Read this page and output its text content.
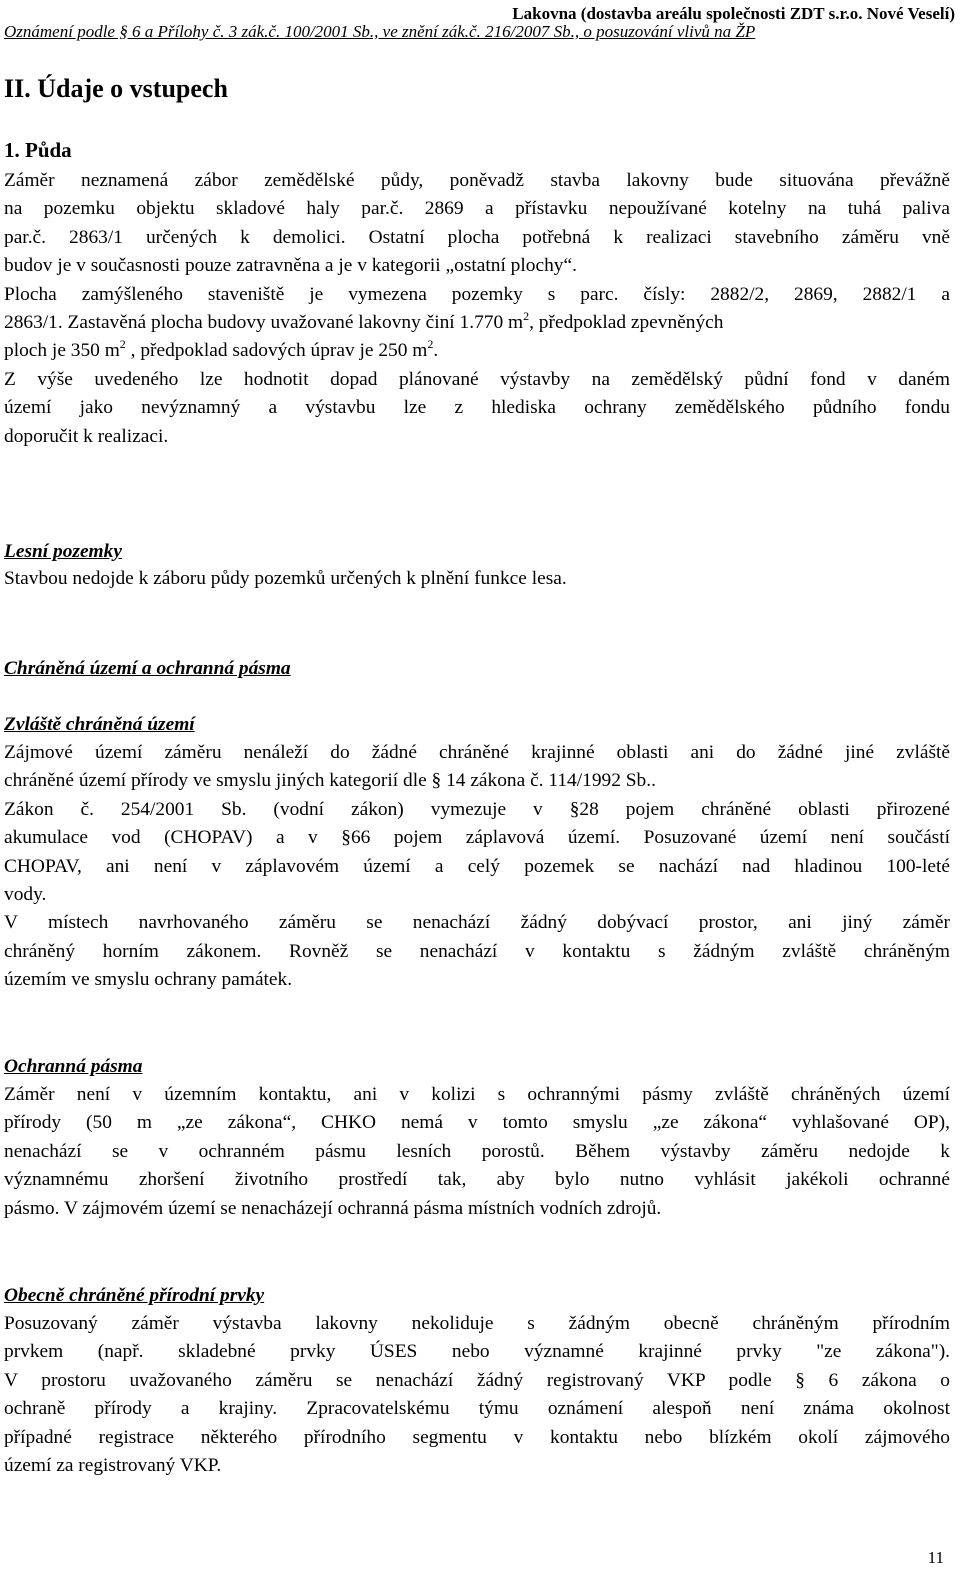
Lakovna (dostavba areálu společnosti ZDT s.r.o. Nové Veselí)
Oznámení podle § 6 a Přílohy č. 3 zák.č. 100/2001 Sb., ve znění zák.č. 216/2007 Sb., o posuzování vlivů na ŽP
II. Údaje o vstupech
1. Půda
Záměr neznamená zábor zemědělské půdy, poněvadž stavba lakovny bude situována převážně
na pozemku objektu skladové haly par.č. 2869 a přístavku nepoužívané kotelny na tuhá paliva
par.č. 2863/1 určených k demolici. Ostatní plocha potřebná k realizaci stavebního záměru vně
budov je v současnosti pouze zatravněna a je v kategorii „ostatní plochy“.
Plocha zamýšleného staveniště je vymezena pozemky s parc. čísly: 2882/2, 2869, 2882/1 a
2863/1. Zastavěná plocha budovy uvažované lakovny činí 1.770 $m^2$, předpoklad zpevněných
ploch je 350 $m^2$ , předpoklad sadových úprav je 250 $m^2$.
Z výše uvedeného lze hodnotit dopad plánované výstavby na zemědělský půdní fond v daném
území jako nevýznamný a výstavbu lze z hlediska ochrany zemědělského půdního fondu
doporučit k realizaci.
Lesní pozemky
Stavbou nedojde k záboru půdy pozemků určených k plnění funkce lesa.
Chráněná území a ochranná pásma
Zvláště chráněná území
Zájmové území záměru nenáleží do žádné chráněné krajinné oblasti ani do žádné jiné zvláště
chráněné území přírody ve smyslu jiných kategorií dle § 14 zákona č. 114/1992 Sb..
Zákon č. 254/2001 Sb. (vodní zákon) vymezuje v §28 pojem chráněné oblasti přirozené
akumulace vod (CHOPAV) a v §66 pojem záplavová území. Posuzované území není součástí
CHOPAV, ani není v záplavovém území a celý pozemek se nachází nad hladinou 100-leté
vody.
V místech navrhovaného záměru se nenachází žádný dobývací prostor, ani jiný záměr
chráněný horním zákonem. Rovněž se nenachází v kontaktu s žádným zvláště chráněným
územím ve smyslu ochrany památek.
Ochranná pásma
Záměr není v územním kontaktu, ani v kolizi s ochrannými pásmy zvláště chráněných území
přírody (50 m „ze zákona“, CHKO nemá v tomto smyslu „ze zákona“ vyhlašované OP),
nenachází se v ochranném pásmu lesních porostů. Během výstavby záměru nedojde k
významnému zhoršení životního prostředí tak, aby bylo nutno vyhlásit jakékoli ochranné
pásmo. V zájmovém území se nenacházejí ochranná pásma místních vodních zdrojů.
Obecně chráněné přírodní prvky
Posuzovaný záměr výstavba lakovny nekoliduje s žádným obecně chráněným přírodním
prvkem (např. skladebné prvky ÚSES nebo významné krajinné prvky "ze zákona").
V prostoru uvažovaného záměru se nenachází žádný registrovaný VKP podle § 6 zákona o
ochraně přírody a krajiny. Zpracovatelskému týmu oznámení alespoň není známa okolnost
případné registrace některého přírodního segmentu v kontaktu nebo blízkém okolí zájmového
území za registrovaný VKP.
11
